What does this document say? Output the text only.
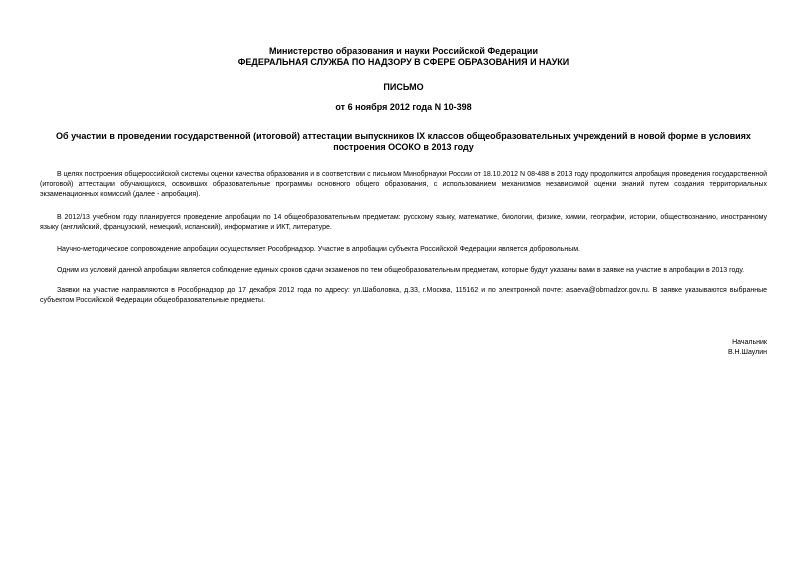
Министерство образования и науки Российской Федерации
ФЕДЕРАЛЬНАЯ СЛУЖБА ПО НАДЗОРУ В СФЕРЕ ОБРАЗОВАНИЯ И НАУКИ
ПИСЬМО
от 6 ноября 2012 года N 10-398
Об участии в проведении государственной (итоговой) аттестации выпускников IX классов общеобразовательных учреждений в новой форме в условиях построения ОСОКО в 2013 году

В целях построения общероссийской системы оценки качества образования и в соответствии с письмом Минобрнауки России от 18.10.2012 N 08-488 в 2013 году продолжится апробация проведения государственной (итоговой) аттестации обучающихся, освоивших образовательные программы основного общего образования, с использованием механизмов независимой оценки знаний путем создания территориальных экзаменационных комиссий (далее - апробация).

В 2012/13 учебном году планируется проведение апробации по 14 общеобразовательным предметам: русскому языку, математике, биологии, физике, химии, географии, истории, обществознанию, иностранному языку (английский, французский, немецкий, испанский), информатике и ИКТ, литературе.

Научно-методическое сопровождение апробации осуществляет Рособрнадзор. Участие в апробации субъекта Российской Федерации является добровольным.

Одним из условий данной апробации является соблюдение единых сроков сдачи экзаменов по тем общеобразовательным предметам, которые будут указаны вами в заявке на участие в апробации в 2013 году.

Заявки на участие направляются в Рособрнадзор до 17 декабря 2012 года по адресу: ул.Шаболовка, д.33, г.Москва, 115162 и по электронной почте: asaeva@obrnadzor.gov.ru. В заявке указываются выбранные субъектом Российской Федерации общеобразовательные предметы.

Начальник
В.Н.Шаулин
